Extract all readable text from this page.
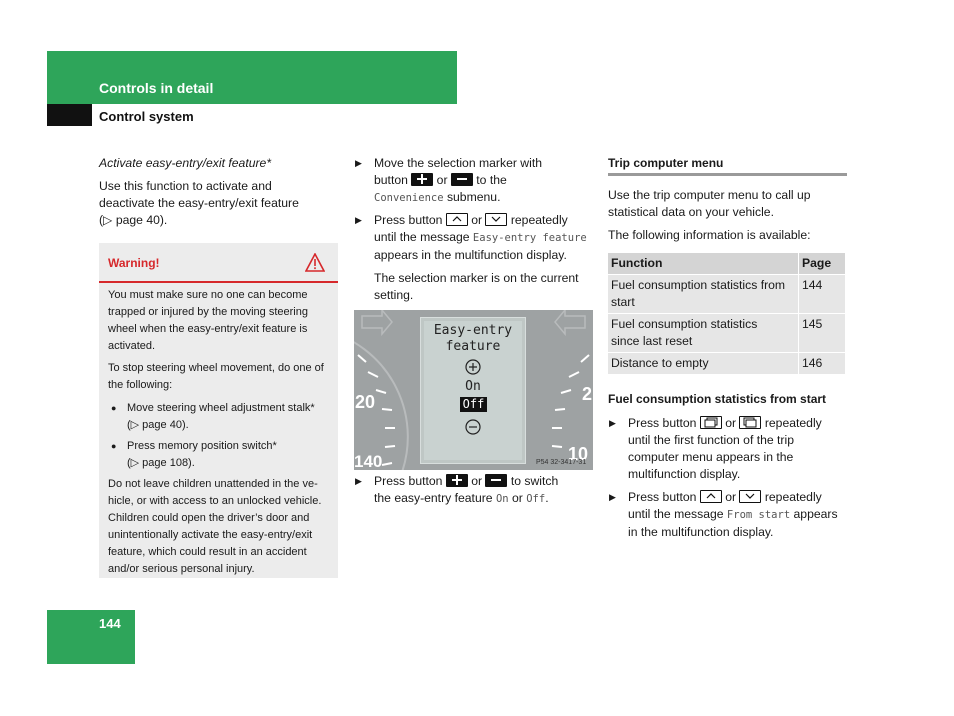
Controls in detail
Control system
144
Activate easy-entry/exit feature*
Use this function to activate and
deactivate the easy-entry/exit feature
(▷ page 40).
Warning!
You must make sure no one can become
trapped or injured by the moving steering
wheel when the easy-entry/exit feature is
activated.
To stop steering wheel movement, do one of
the following:
● Move steering wheel adjustment stalk*
(▷ page 40).
● Press memory position switch*
(▷ page 108).
Do not leave children unattended in the ve-
hicle, or with access to an unlocked vehicle.
Children could open the driver’s door and
unintentionally activate the easy-entry/exit
feature, which could result in an accident
and/or serious personal injury.
▶ Move the selection marker with
button or to the
Convenience submenu.
▶ Press button or repeatedly
until the message Easy-entry feature
appears in the multifunction display.
The selection marker is on the current
setting.
20
140
2
10
Easy-entry
feature
On
Off
P54 32-3417-31
▶ Press button or to switch
the easy-entry feature On or Off.
Trip computer menu
Use the trip computer menu to call up
statistical data on your vehicle.
The following information is available:
Function	Page

Fuel consumption statistics from
start	144

Fuel consumption statistics
since last reset	145

Distance to empty	146
Fuel consumption statistics from start
▶ Press button or repeatedly
until the first function of the trip
computer menu appears in the
multifunction display.
▶ Press button or repeatedly
until the message From start appears
in the multifunction display.
